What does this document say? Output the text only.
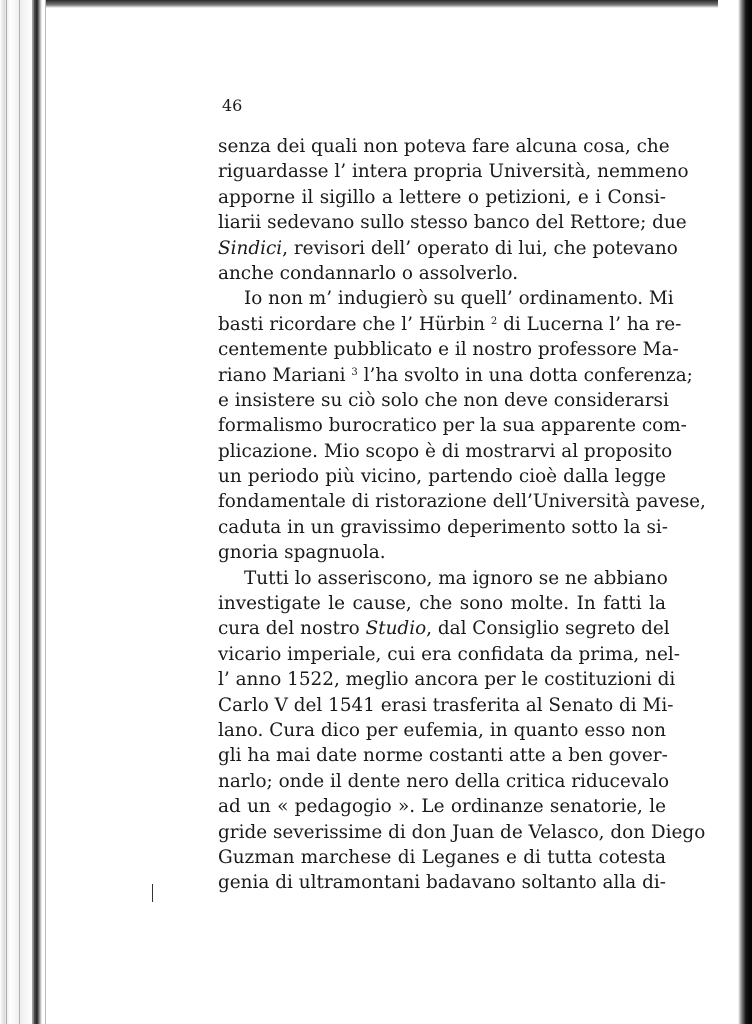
46
senza dei quali non poteva fare alcuna cosa, che
riguardasse l’ intera propria Università, nemmeno
apporne il sigillo a lettere o petizioni, e i Consi-
liarii sedevano sullo stesso banco del Rettore; due
Sindici, revisori dell’ operato di lui, che potevano
anche condannarlo o assolverlo.
Io non m’ indugierò su quell’ ordinamento. Mi
basti ricordare che l’ Hürbin $^2$ di Lucerna l’ ha re-
centemente pubblicato e il nostro professore Ma-
riano Mariani $^3$ l’ha svolto in una dotta conferenza;
e insistere su ciò solo che non deve considerarsi
formalismo burocratico per la sua apparente com-
plicazione. Mio scopo è di mostrarvi al proposito
un periodo più vicino, partendo cioè dalla legge
fondamentale di ristorazione dell’Università pavese,
caduta in un gravissimo deperimento sotto la si-
gnoria spagnuola.
Tutti lo asseriscono, ma ignoro se ne abbiano
investigate le cause, che sono molte. In fatti la
cura del nostro Studio, dal Consiglio segreto del
vicario imperiale, cui era confidata da prima, nel-
l’ anno 1522, meglio ancora per le costituzioni di
Carlo V del 1541 erasi trasferita al Senato di Mi-
lano. Cura dico per eufemia, in quanto esso non
gli ha mai date norme costanti atte a ben gover-
narlo; onde il dente nero della critica riducevalo
ad un « pedagogio ». Le ordinanze senatorie, le
gride severissime di don Juan de Velasco, don Diego
Guzman marchese di Leganes e di tutta cotesta
genia di ultramontani badavano soltanto alla di-
